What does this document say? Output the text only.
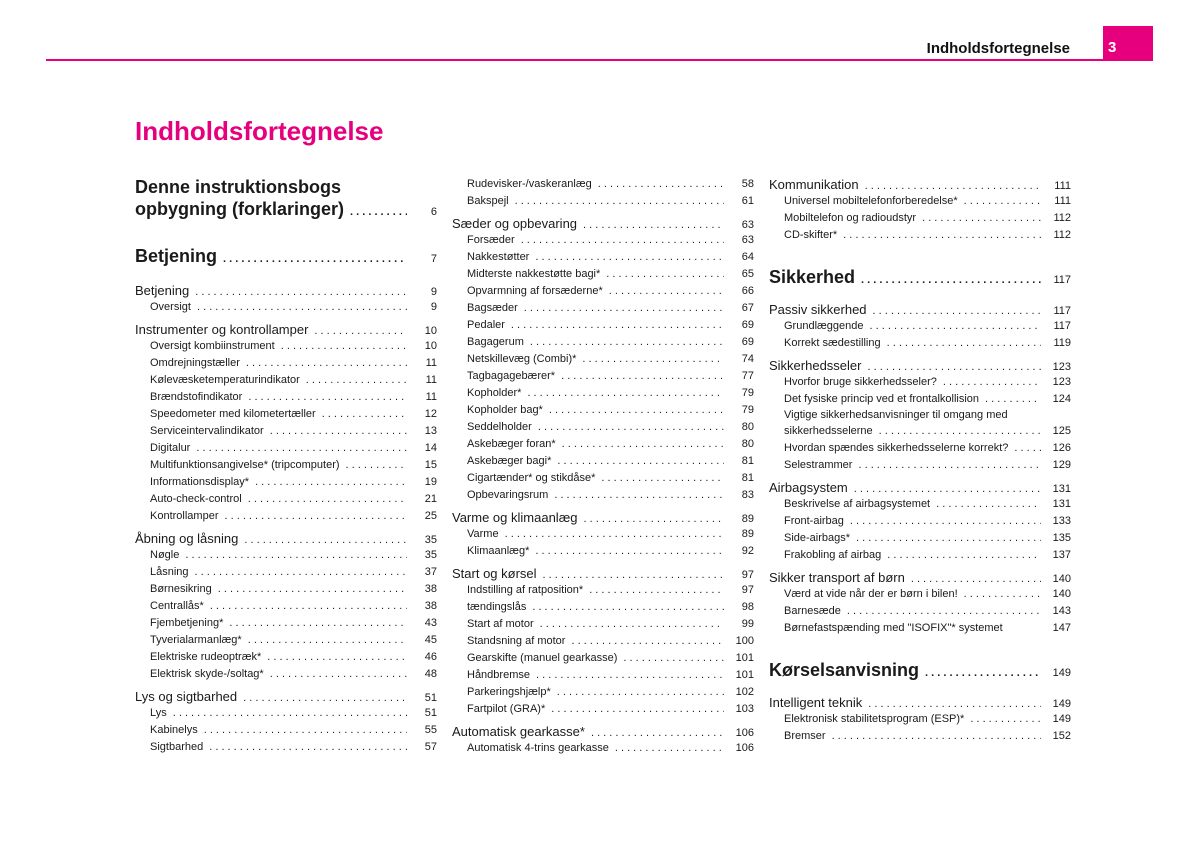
Indholdsfortegnelse	3
Indholdsfortegnelse
Denne instruktionsbogs
opbygning (forklaringer) . . .	6
Betjening . . .	7
Betjening . . .	9
Oversigt . . .	9
Instrumenter og kontrollamper . . .	10
Oversigt kombiinstrument . . .	10
Omdrejningstæller . . .	11
Kølevæsketemperaturindikator . . .	11
Brændstofindikator . . .	11
Speedometer med kilometertæller . . .	12
Serviceintervalindikator . . .	13
Digitalur . . .	14
Multifunktionsangivelse* (tripcomputer) . . .	15
Informationsdisplay* . . .	19
Auto-check-control . . .	21
Kontrollamper . . .	25
Åbning og låsning . . .	35
Nøgle . . .	35
Låsning . . .	37
Børnesikring . . .	38
Centrallås* . . .	38
Fjembetjening* . . .	43
Tyverialarmanlæg* . . .	45
Elektriske rudeoptræk* . . .	46
Elektrisk skyde-/soltag* . . .	48
Lys og sigtbarhed . . .	51
Lys . . .	51
Kabinelys . . .	55
Sigtbarhed . . .	57
Rudevisker-/vaskeranlæg . . .	58
Bakspejl . . .	61
Sæder og opbevaring . . .	63
Forsæder . . .	63
Nakkestøtter . . .	64
Midterste nakkestøtte bagi* . . .	65
Opvarmning af forsæderne* . . .	66
Bagsæder . . .	67
Pedaler . . .	69
Bagagerum . . .	69
Netskillevæg (Combi)* . . .	74
Tagbagagebærer* . . .	77
Kopholder* . . .	79
Kopholder bag* . . .	79
Seddelholder . . .	80
Askebæger foran* . . .	80
Askebæger bagi* . . .	81
Cigartænder* og stikdåse* . . .	81
Opbevaringsrum . . .	83
Varme og klimaanlæg . . .	89
Varme . . .	89
Klimaanlæg* . . .	92
Start og kørsel . . .	97
Indstilling af ratposition* . . .	97
tændingslås . . .	98
Start af motor . . .	99
Standsning af motor . . .	100
Gearskifte (manuel gearkasse) . . .	101
Håndbremse . . .	101
Parkeringshjælp* . . .	102
Fartpilot (GRA)* . . .	103
Automatisk gearkasse* . . .	106
Automatisk 4-trins gearkasse . . .	106
Kommunikation . . .	111
Universel mobiltelefonforberedelse* . . .	111
Mobiltelefon og radioudstyr . . .	112
CD-skifter* . . .	112
Sikkerhed . . .	117
Passiv sikkerhed . . .	117
Grundlæggende . . .	117
Korrekt sædestilling . . .	119
Sikkerhedsseler . . .	123
Hvorfor bruge sikkerhedsseler? . . .	123
Det fysiske princip ved et frontalkollision . . .	124
Vigtige sikkerhedsanvisninger til omgang med
sikkerhedsselerne . . .	125
Hvordan spændes sikkerhedsselerne korrekt? . . .	126
Selestrammer . . .	129
Airbagsystem . . .	131
Beskrivelse af airbagsystemet . . .	131
Front-airbag . . .	133
Side-airbags* . . .	135
Frakobling af airbag . . .	137
Sikker transport af børn . . .	140
Værd at vide når der er børn i bilen! . . .	140
Barnesæde . . .	143
Børnefastspænding med "ISOFIX"* systemet	147
Kørselsanvisning . . .	149
Intelligent teknik . . .	149
Elektronisk stabilitetsprogram (ESP)* . . .	149
Bremser . . .	152
